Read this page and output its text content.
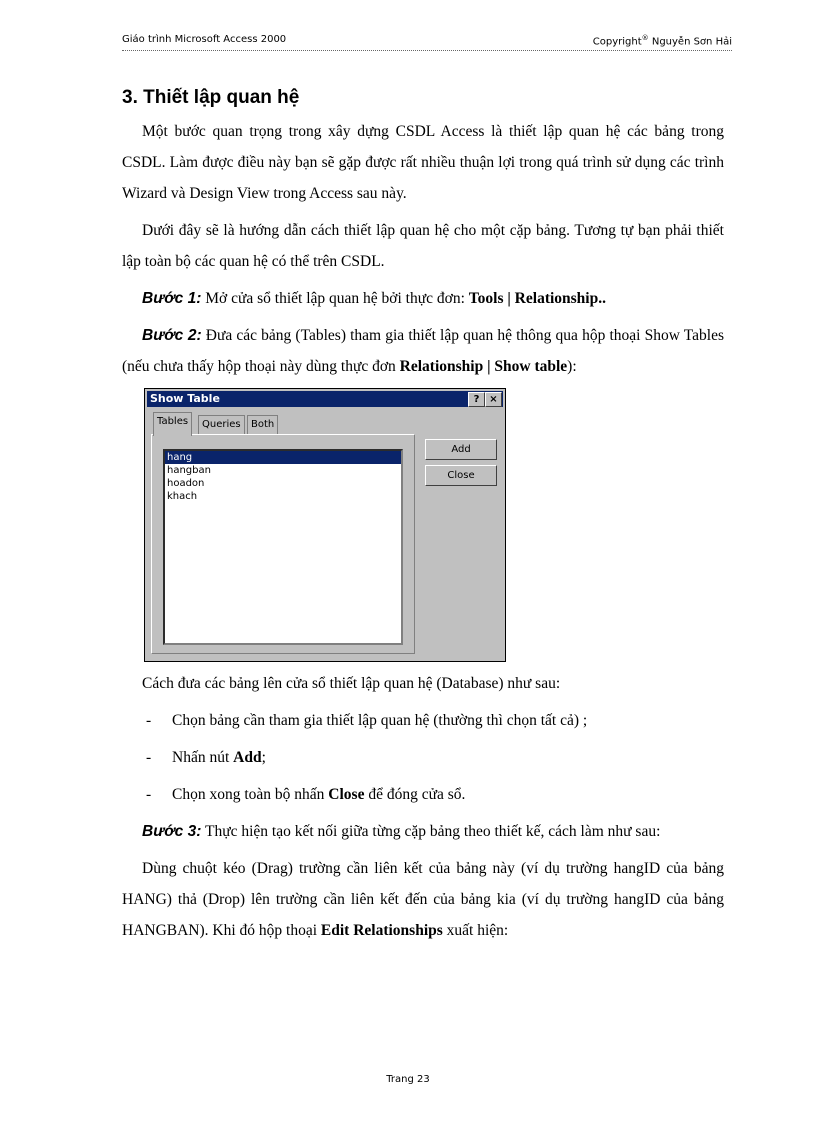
Giáo trình Microsoft Access 2000	Copyright® Nguyễn Sơn Hải
3. Thiết lập quan hệ

Một bước quan trọng trong xây dựng CSDL Access là thiết lập quan hệ các bảng trong CSDL. Làm được điều này bạn sẽ gặp được rất nhiều thuận lợi trong quá trình sử dụng các trình Wizard và Design View trong Access sau này.

Dưới đây sẽ là hướng dẫn cách thiết lập quan hệ cho một cặp bảng. Tương tự bạn phải thiết lập toàn bộ các quan hệ có thể trên CSDL.

Bước 1: Mở cửa sổ thiết lập quan hệ bởi thực đơn: Tools | Relationship..

Bước 2: Đưa các bảng (Tables) tham gia thiết lập quan hệ thông qua hộp thoại Show Tables (nếu chưa thấy hộp thoại này dùng thực đơn Relationship | Show table):

Show Table	? ×
Tables	Queries	Both
hang
hangban
hoadon
khach
Add
Close

Cách đưa các bảng lên cửa sổ thiết lập quan hệ (Database) như sau:

- Chọn bảng cần tham gia thiết lập quan hệ (thường thì chọn tất cả) ;
- Nhấn nút Add;
- Chọn xong toàn bộ nhấn Close để đóng cửa sổ.

Bước 3: Thực hiện tạo kết nối giữa từng cặp bảng theo thiết kế, cách làm như sau:

Dùng chuột kéo (Drag) trường cần liên kết của bảng này (ví dụ trường hangID của bảng HANG) thả (Drop) lên trường cần liên kết đến của bảng kia (ví dụ trường hangID của bảng HANGBAN). Khi đó hộp thoại Edit Relationships xuất hiện:

Trang 23
